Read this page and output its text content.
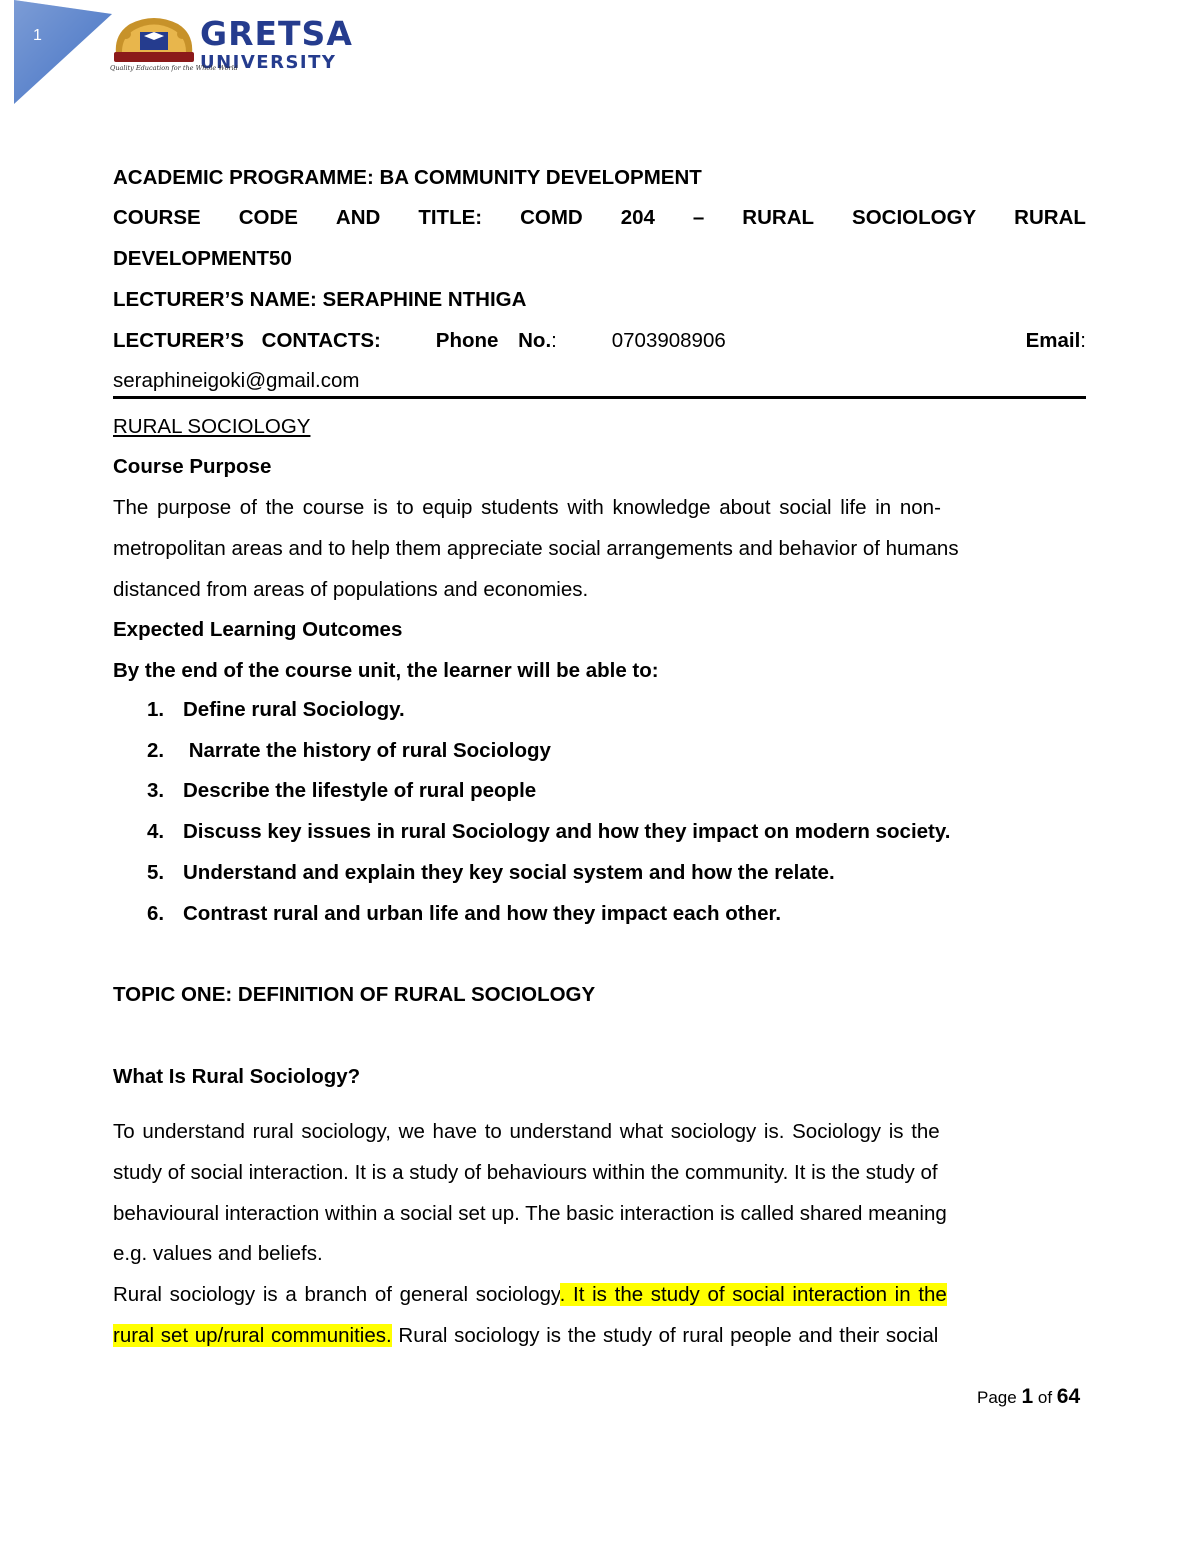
1	GRETSA
UNIVERSITY
Quality Education for the Whole World
ACADEMIC PROGRAMME: BA COMMUNITY DEVELOPMENT
COURSE CODE AND TITLE: COMD 204 – RURAL SOCIOLOGY RURAL
DEVELOPMENT50
LECTURER’S NAME: SERAPHINE NTHIGA
LECTURER’S CONTACTS:	Phone No.:	0703908906	Email:
seraphineigoki@gmail.com
RURAL SOCIOLOGY
Course Purpose
The purpose of the course is to equip students with knowledge about social life in non-
metropolitan areas and to help them appreciate social arrangements and behavior of humans
distanced from areas of populations and economies.
Expected Learning Outcomes
By the end of the course unit, the learner will be able to:
1. Define rural Sociology.
2. Narrate the history of rural Sociology
3. Describe the lifestyle of rural people
4. Discuss key issues in rural Sociology and how they impact on modern society.
5. Understand and explain they key social system and how the relate.
6. Contrast rural and urban life and how they impact each other.
TOPIC ONE: DEFINITION OF RURAL SOCIOLOGY
What Is Rural Sociology?
To understand rural sociology, we have to understand what sociology is. Sociology is the
study of social interaction. It is a study of behaviours within the community. It is the study of
behavioural interaction within a social set up. The basic interaction is called shared meaning
e.g. values and beliefs.
Rural sociology is a branch of general sociology. It is the study of social interaction in the
rural set up/rural communities. Rural sociology is the study of rural people and their social
Page 1 of 64
